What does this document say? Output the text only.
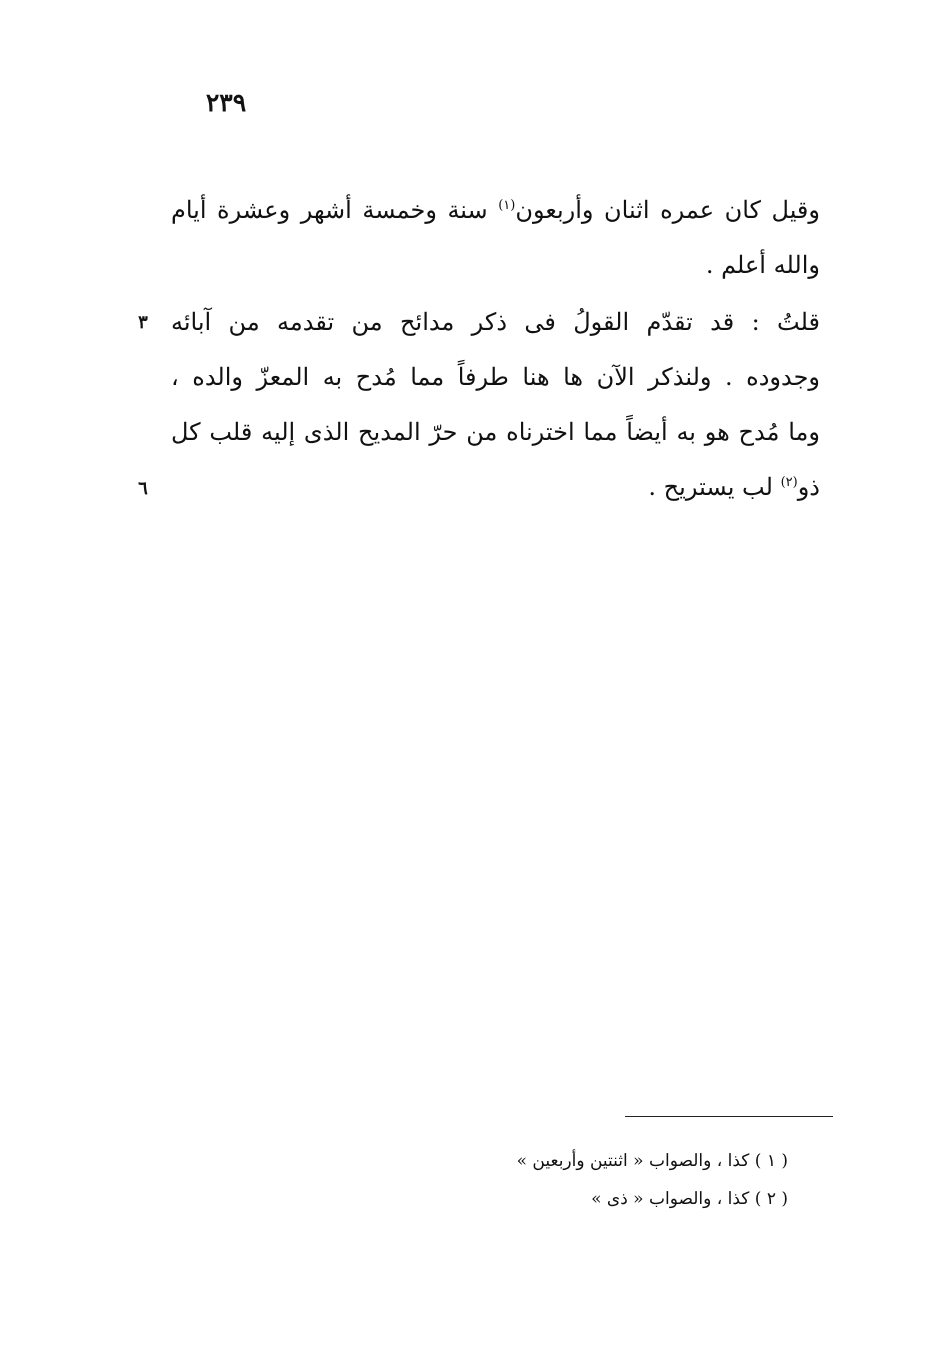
٢٣٩
وقيل كان عمره اثنان وأربعون$^{(١)}$ سنة وخمسة أشهر وعشرة أيام
والله أعلم .
قلتُ : قد تقدّم القولُ فى ذكر مدائح من تقدمه من آبائه
وجدوده . ولنذكر الآن ها هنا طرفاً مما مُدح به المعزّ والده ،
وما مُدح هو به أيضاً مما اخترناه من حرّ المديح الذى إليه قلب كل
ذو$^{(٢)}$ لب يستريح .
٣
٦
( ١ ) كذا ، والصواب « اثنتين وأربعين »
( ٢ ) كذا ، والصواب « ذى »
